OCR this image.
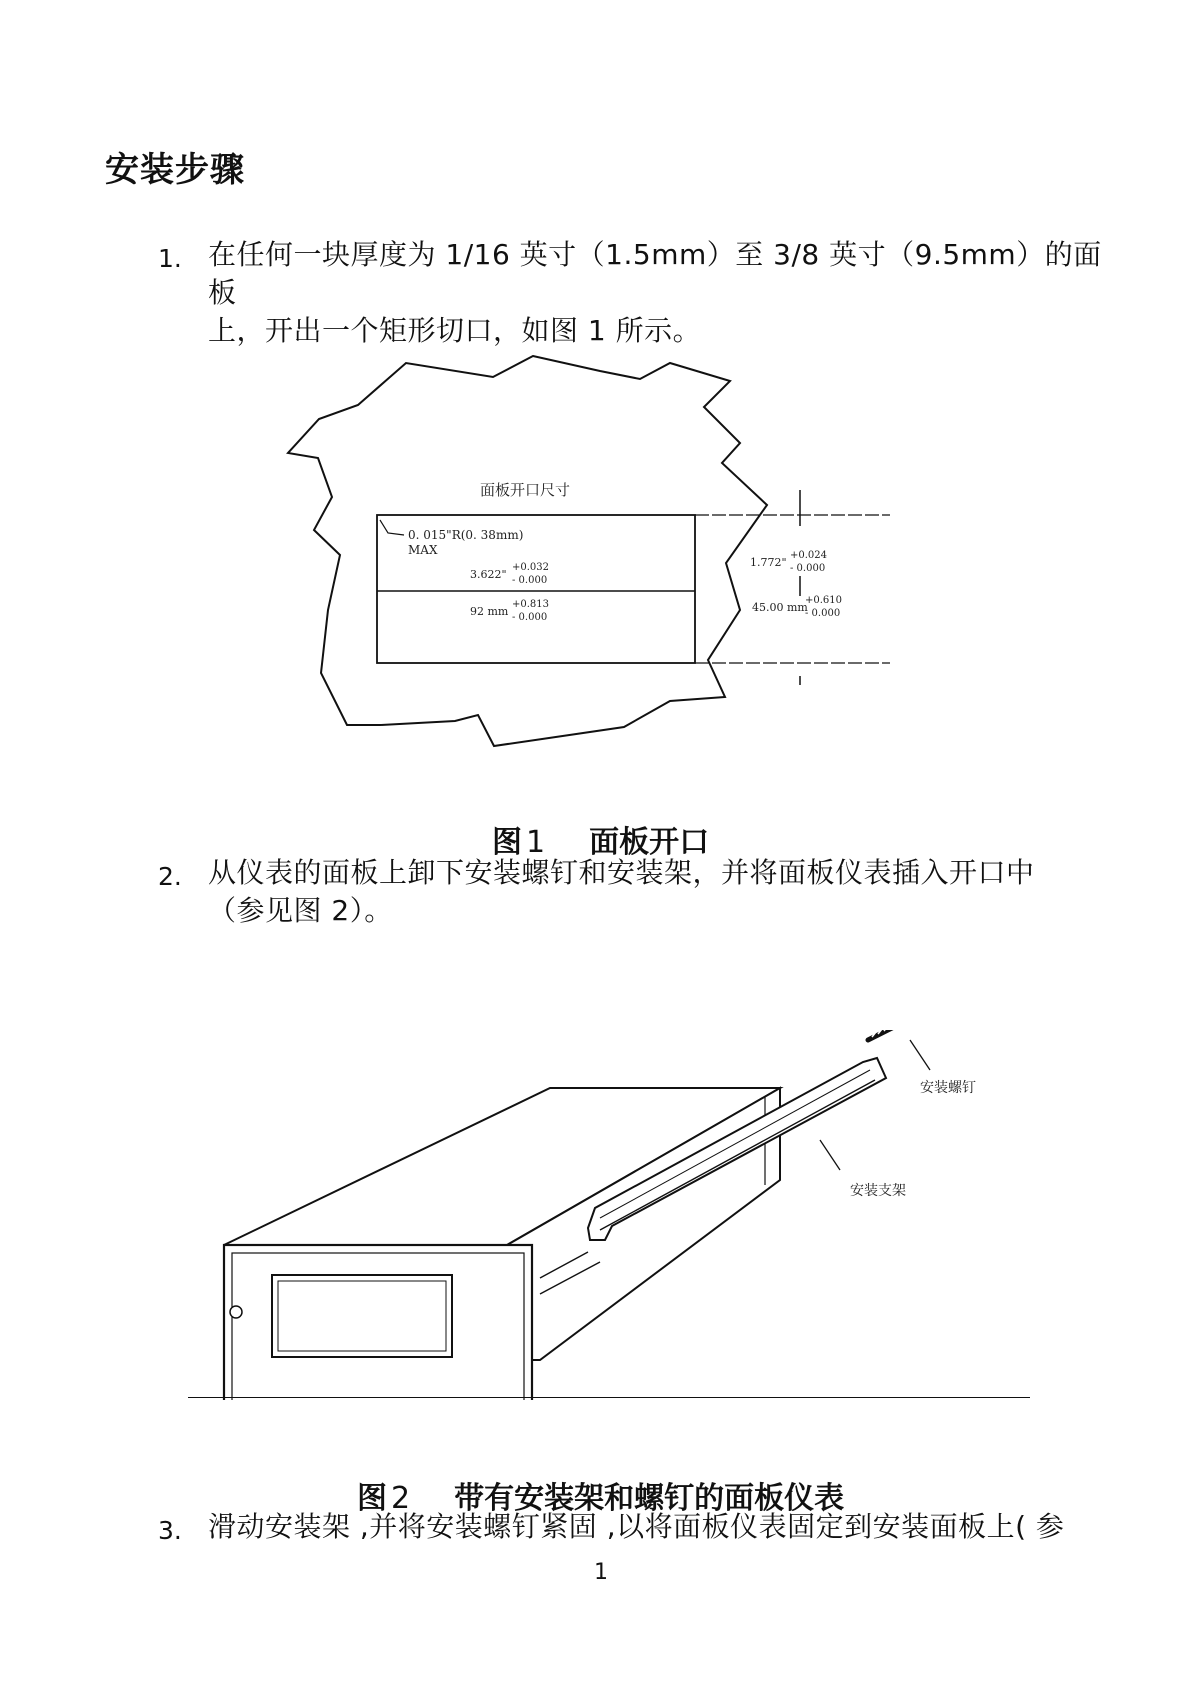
安装步骤
1. 在任何一块厚度为 1/16 英寸（1.5mm）至 3/8 英寸（9.5mm）的面板
上，开出一个矩形切口，如图 1 所示。
面板开口尺寸
0. 015"R(0. 38mm)
MAX
3.622"
+0.032
- 0.000
92 mm
+0.813
- 0.000
1.772"
+0.024
- 0.000
45.00 mm
+0.610
- 0.000
图 1 面板开口
2. 从仪表的面板上卸下安装螺钉和安装架，并将面板仪表插入开口中
（参见图 2）。
安装螺钉
安装支架
图 2 带有安装架和螺钉的面板仪表
3. 滑动安装架 ,并将安装螺钉紧固 ,以将面板仪表固定到安装面板上( 参
1
